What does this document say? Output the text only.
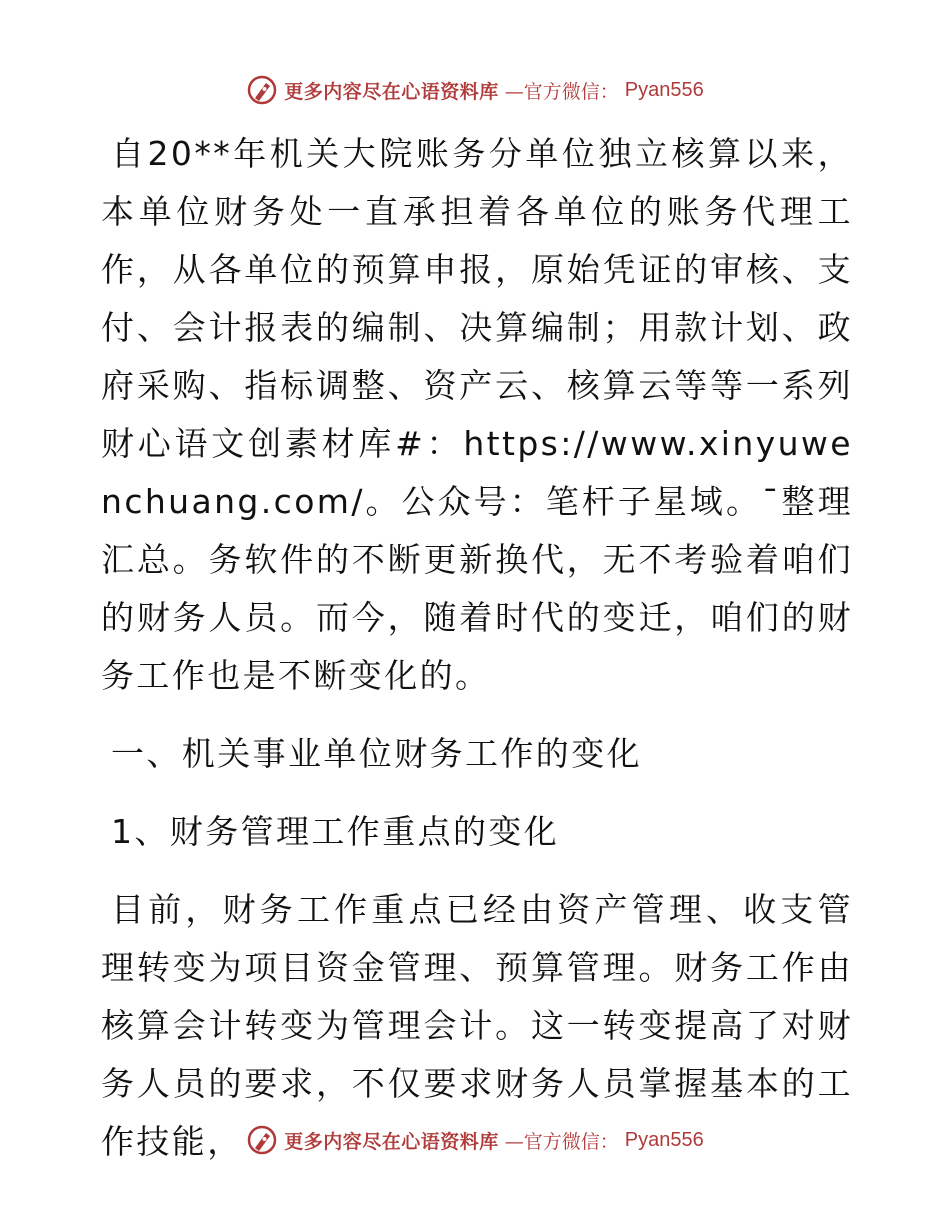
更多内容尽在心语资料库 —官方微信： Pyan556

自20**年机关大院账务分单位独立核算以来，本单位财务处一直承担着各单位的账务代理工作，从各单位的预算申报，原始凭证的审核、支付、会计报表的编制、决算编制；用款计划、政府采购、指标调整、资产云、核算云等等一系列财心语文创素材库#：https://www.xinyuwenchuang.com/。公众号：笔杆子星域。¯整理汇总。务软件的不断更新换代，无不考验着咱们的财务人员。而今，随着时代的变迁，咱们的财务工作也是不断变化的。

一、机关事业单位财务工作的变化

1、财务管理工作重点的变化

目前，财务工作重点已经由资产管理、收支管理转变为项目资金管理、预算管理。财务工作由核算会计转变为管理会计。这一转变提高了对财务人员的要求，不仅要求财务人员掌握基本的工作技能，	更多内容尽在心语资料库 —官方微信： Pyan556
